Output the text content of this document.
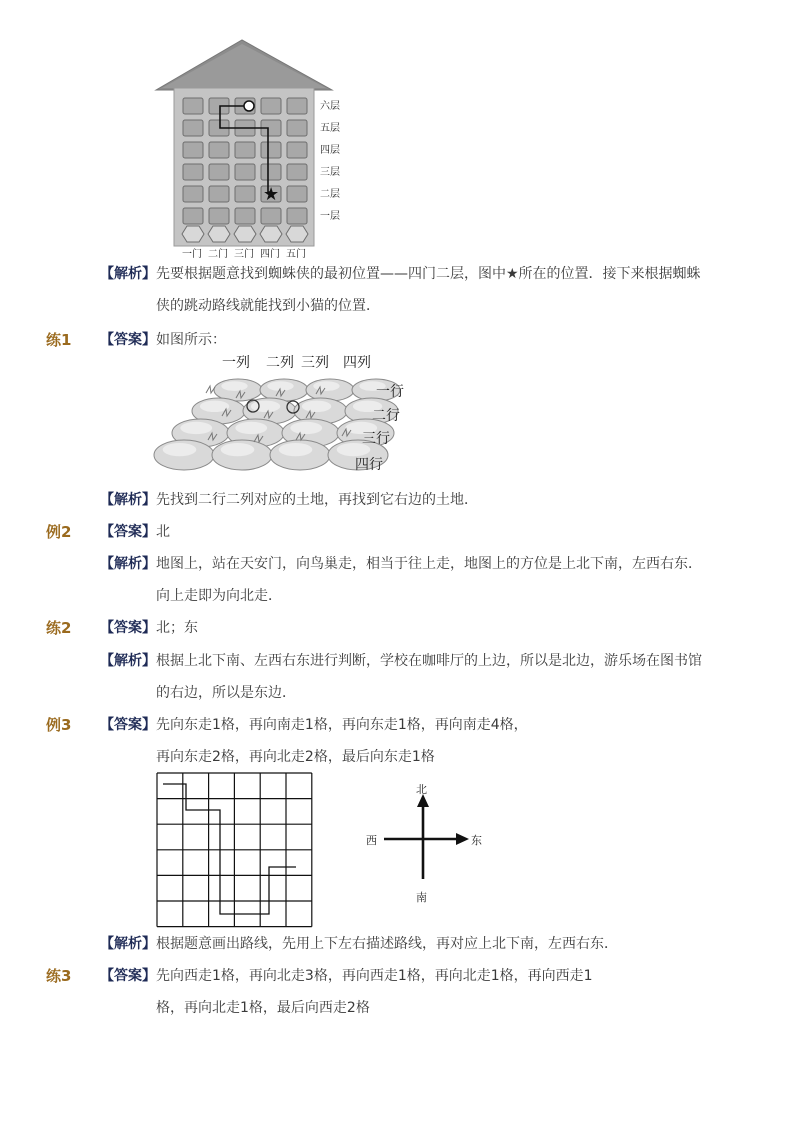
★
六层
五层
四层
三层
二层
一层
一门 二门 三门 四门 五门
【解析】 先要根据题意找到蜘蛛侠的最初位置——四门二层，图中★所在的位置．接下来根据蜘蛛
侠的跳动路线就能找到小猫的位置．
练1 【答案】 如图所示：
一列 二列 三列 四列
一行
二行
三行
四行
【解析】 先找到二行二列对应的土地，再找到它右边的土地．
例2 【答案】 北
【解析】 地图上，站在天安门，向鸟巢走，相当于往上走，地图上的方位是上北下南，左西右东．
向上走即为向北走．
练2 【答案】 北；东
【解析】 根据上北下南、左西右东进行判断，学校在咖啡厅的上边，所以是北边，游乐场在图书馆
的右边，所以是东边．
例3 【答案】 先向东走1格，再向南走1格，再向东走1格，再向南走4格，
再向东走2格，再向北走2格，最后向东走1格
北
南
西	东
【解析】 根据题意画出路线，先用上下左右描述路线，再对应上北下南，左西右东．
练3 【答案】 先向西走1格，再向北走3格，再向西走1格，再向北走1格，再向西走1
格，再向北走1格，最后向西走2格
